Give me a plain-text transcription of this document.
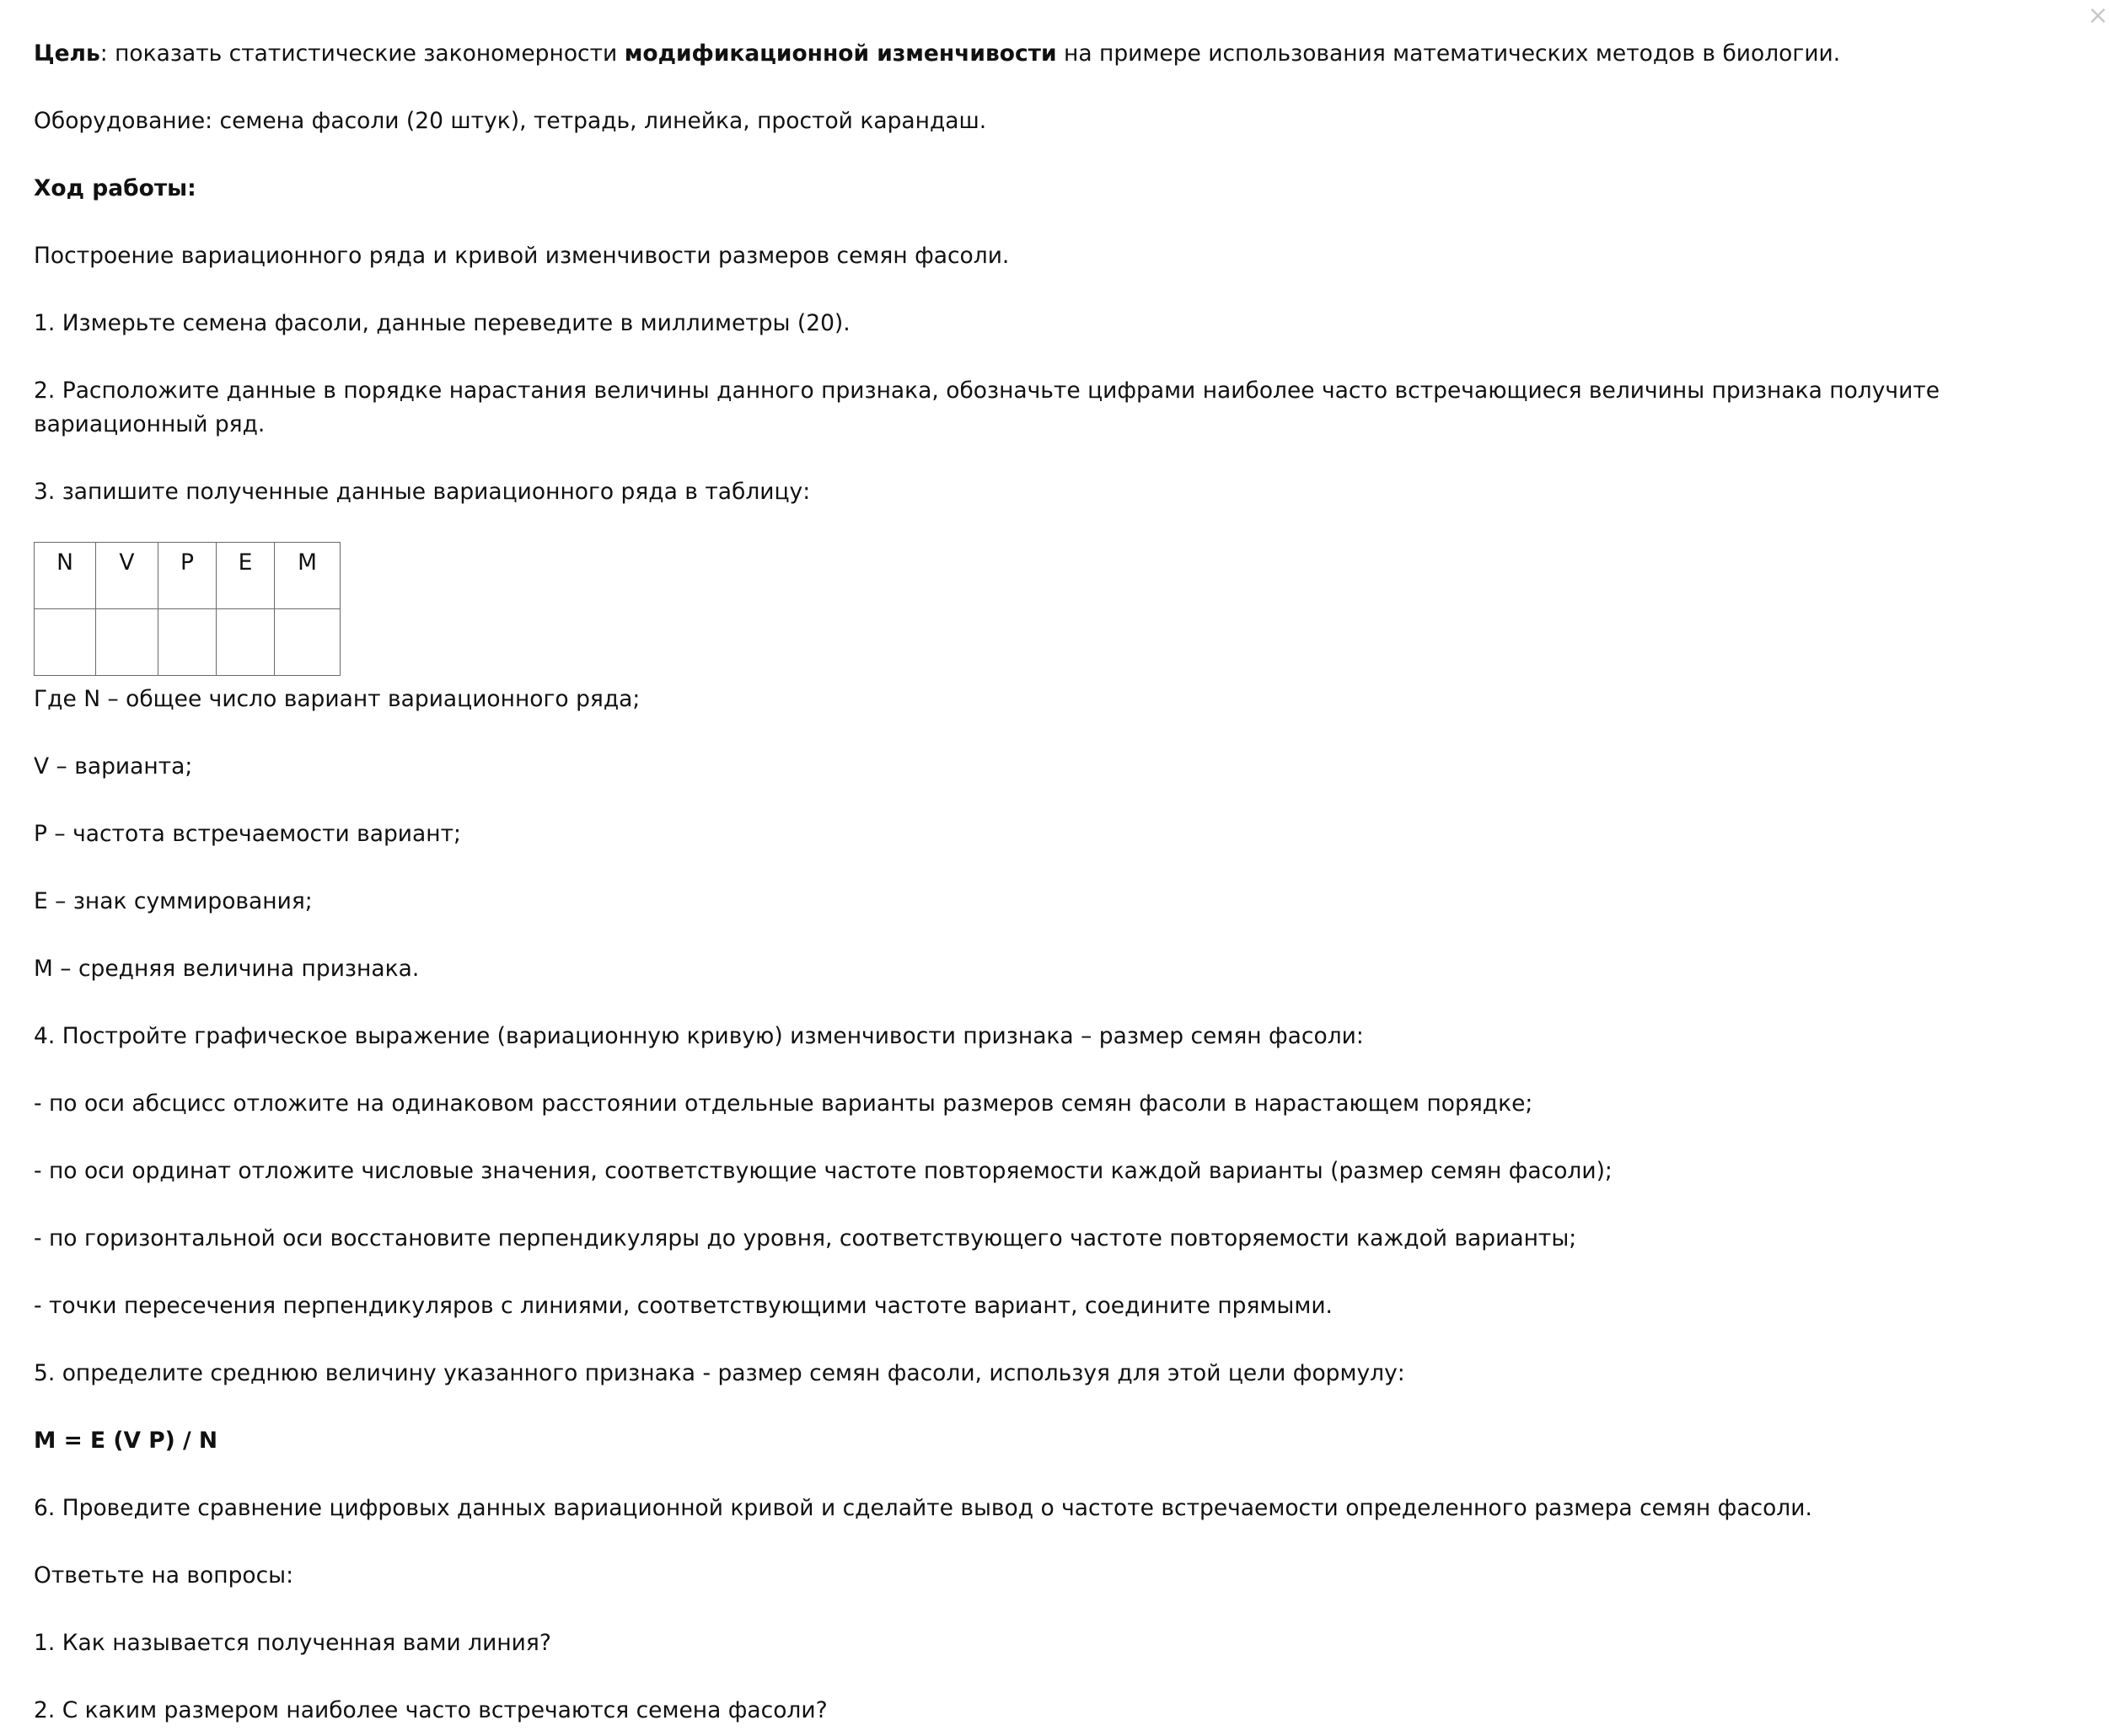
×
Цель: показать статистические закономерности модификационной изменчивости на примере использования математических методов в биологии.
Оборудование: семена фасоли (20 штук), тетрадь, линейка, простой карандаш.
Ход работы:
Построение вариационного ряда и кривой изменчивости размеров семян фасоли.
1. Измерьте семена фасоли, данные переведите в миллиметры (20).
2. Расположите данные в порядке нарастания величины данного признака, обозначьте цифрами наиболее часто встречающиеся величины признака получите вариационный ряд.
3. запишите полученные данные вариационного ряда в таблицу:
N	V	P	E	M

Где N – общее число вариант вариационного ряда;
V – варианта;
P – частота встречаемости вариант;
E – знак суммирования;
M – средняя величина признака.
4. Постройте графическое выражение (вариационную кривую) изменчивости признака – размер семян фасоли:
- по оси абсцисс отложите на одинаковом расстоянии отдельные варианты размеров семян фасоли в нарастающем порядке;
- по оси ординат отложите числовые значения, соответствующие частоте повторяемости каждой варианты (размер семян фасоли);
- по горизонтальной оси восстановите перпендикуляры до уровня, соответствующего частоте повторяемости каждой варианты;
- точки пересечения перпендикуляров с линиями, соответствующими частоте вариант, соедините прямыми.
5. определите среднюю величину указанного признака - размер семян фасоли, используя для этой цели формулу:
M = E (V P) / N
6. Проведите сравнение цифровых данных вариационной кривой и сделайте вывод о частоте встречаемости определенного размера семян фасоли.
Ответьте на вопросы:
1. Как называется полученная вами линия?
2. С каким размером наиболее часто встречаются семена фасоли?
